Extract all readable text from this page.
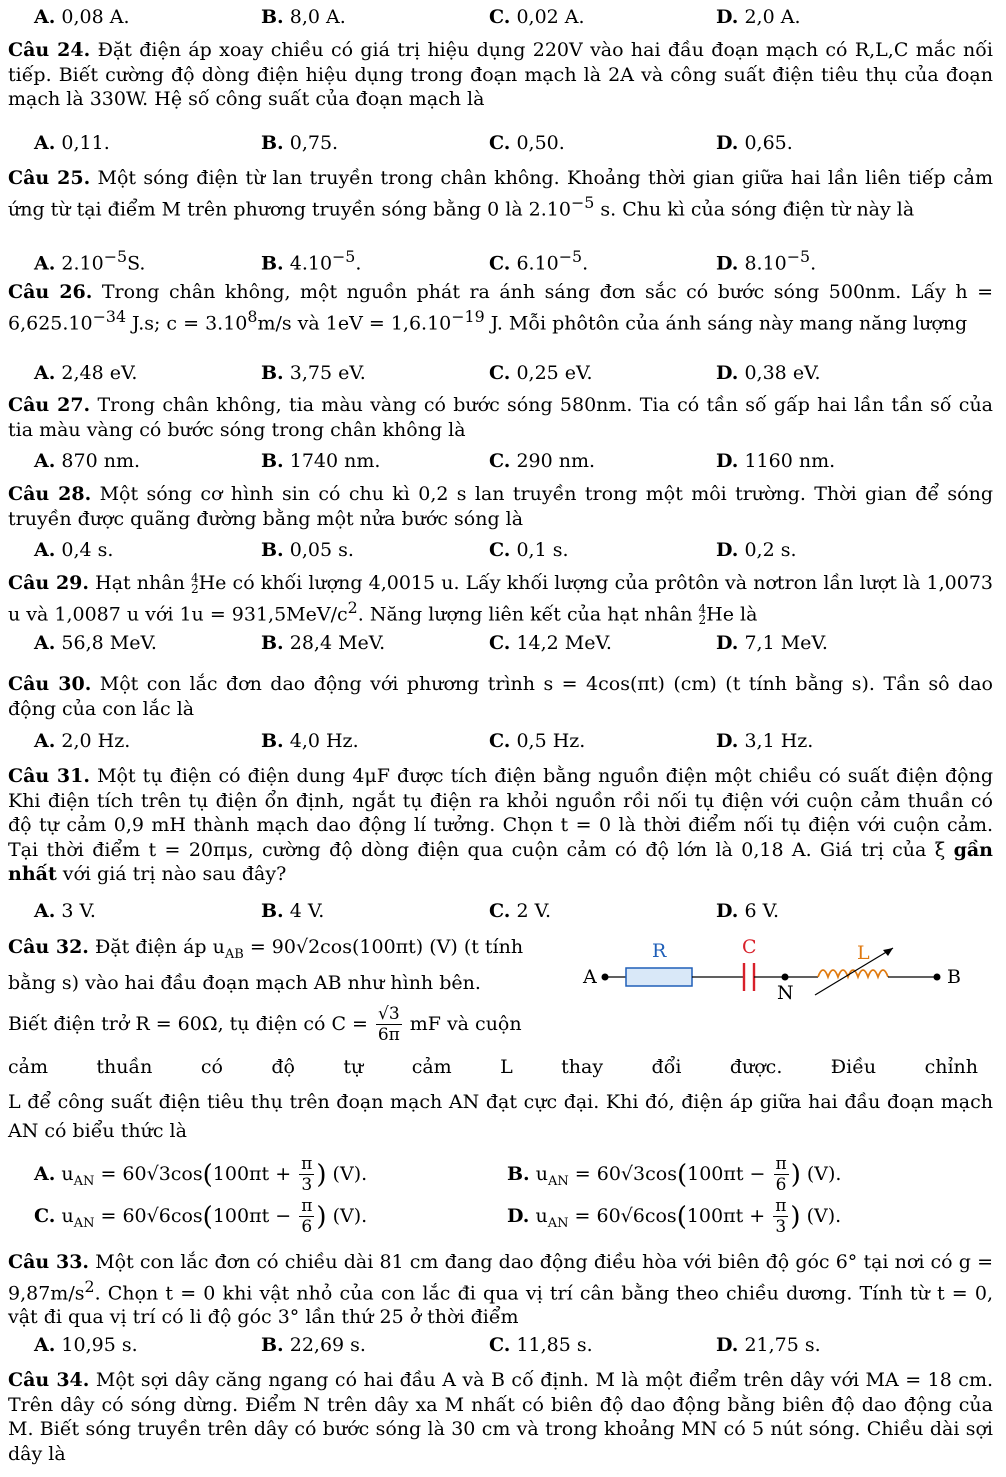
A. 0,08 A.	B. 8,0 A.	C. 0,02 A.	D. 2,0 A.
Câu 24. Đặt điện áp xoay chiều có giá trị hiệu dụng 220V vào hai đầu đoạn mạch có R,L,C mắc nối tiếp. Biết cường độ dòng điện hiệu dụng trong đoạn mạch là 2A và công suất điện tiêu thụ của đoạn mạch là 330W. Hệ số công suất của đoạn mạch là
A. 0,11.	B. 0,75.	C. 0,50.	D. 0,65.
Câu 25. Một sóng điện từ lan truyền trong chân không. Khoảng thời gian giữa hai lần liên tiếp cảm ứng từ tại điểm M trên phương truyền sóng bằng 0 là $2.10^{-5}$ s. Chu kì của sóng điện từ này là
A. $2.10^{-5}S$.	B. $4.10^{-5}$.	C. $6.10^{-5}$.	D. $8.10^{-5}$.
Câu 26. Trong chân không, một nguồn phát ra ánh sáng đơn sắc có bước sóng 500nm. Lấy $h = 6,625.10^{-34}$ J.s; $c = 3.10^8m/s$ và $1eV = 1,6.10^{-19}$ J. Mỗi phôtôn của ánh sáng này mang năng lượng
A. 2,48 eV.	B. 3,75 eV.	C. 0,25 eV.	D. 0,38 eV.
Câu 27. Trong chân không, tia màu vàng có bước sóng 580nm. Tia có tần số gấp hai lần tần số của tia màu vàng có bước sóng trong chân không là
A. 870 nm.	B. 1740 nm.	C. 290 nm.	D. 1160 nm.
Câu 28. Một sóng cơ hình sin có chu kì 0,2 s lan truyền trong một môi trường. Thời gian để sóng truyền được quãng đường bằng một nửa bước sóng là
A. 0,4 s.	B. 0,05 s.	C. 0,1 s.	D. 0,2 s.
Câu 29. Hạt nhân 4
2 He có khối lượng 4,0015 u. Lấy khối lượng của prôtôn và nơtron lần lượt là 1,0073 u và 1,0087 u với $1u = 931,5MeV/c^2$. Năng lượng liên kết của hạt nhân 4
2 He là
A. 56,8 MeV.	B. 28,4 MeV.	C. 14,2 MeV.	D. 7,1 MeV.
Câu 30. Một con lắc đơn dao động với phương trình s = 4cos(πt) (cm) (t tính bằng s). Tần sô dao động của con lắc là
A. 2,0 Hz.	B. 4,0 Hz.	C. 0,5 Hz.	D. 3,1 Hz.
Câu 31. Một tụ điện có điện dung 4μF được tích điện bằng nguồn điện một chiều có suất điện động Khi điện tích trên tụ điện ổn định, ngắt tụ điện ra khỏi nguồn rồi nối tụ điện với cuộn cảm thuần có độ tự cảm 0,9 mH thành mạch dao động lí tưởng. Chọn t = 0 là thời điểm nối tụ điện với cuộn cảm. Tại thời điểm t = 20πμs, cường độ dòng điện qua cuộn cảm có độ lớn là 0,18 A. Giá trị của ξ gần nhất với giá trị nào sau đây?
A. 3 V.	B. 4 V.	C. 2 V.	D. 6 V.
Câu 32. Đặt điện áp $u_{AB} = 90√2\cos(100\pi t)$ (V) (t tính
bằng s) vào hai đầu đoạn mạch AB như hình bên.
Biết điện trở R = 60Ω, tụ điện có $C = \frac{√3}{6\pi}$ mF và cuộn
cảm thuần có độ tự cảm L thay đổi được. Điều chỉnh
L để công suất điện tiêu thụ trên đoạn mạch AN đạt cực đại. Khi đó, điện áp giữa hai đầu đoạn mạch AN có biểu thức là
A
R	C
N
L
B
A. $u_{AN} = 60√3\cos(100\pi t + \frac{\pi}{3}$ ) (V).	B. $u_{AN} = 60√3\cos(100\pi t - \frac{\pi}{6}$ ) (V).
C. $u_{AN} = 60√6\cos(100\pi t - \frac{\pi}{6}$ ) (V).	D. $u_{AN} = 60√6\cos(100\pi t + \frac{\pi}{3}$ ) (V).
Câu 33. Một con lắc đơn có chiều dài 81 cm đang dao động điều hòa với biên độ góc 6° tại nơi có $g = 9,87m/s^2$. Chọn t = 0 khi vật nhỏ của con lắc đi qua vị trí cân bằng theo chiều dương. Tính từ t = 0, vật đi qua vị trí có li độ góc 3° lần thứ 25 ở thời điểm
A. 10,95 s.	B. 22,69 s.	C. 11,85 s.	D. 21,75 s.
Câu 34. Một sợi dây căng ngang có hai đầu A và B cố định. M là một điểm trên dây với MA = 18 cm. Trên dây có sóng dừng. Điểm N trên dây xa M nhất có biên độ dao động bằng biên độ dao động của M. Biết sóng truyền trên dây có bước sóng là 30 cm và trong khoảng MN có 5 nút sóng. Chiều dài sợi dây là
